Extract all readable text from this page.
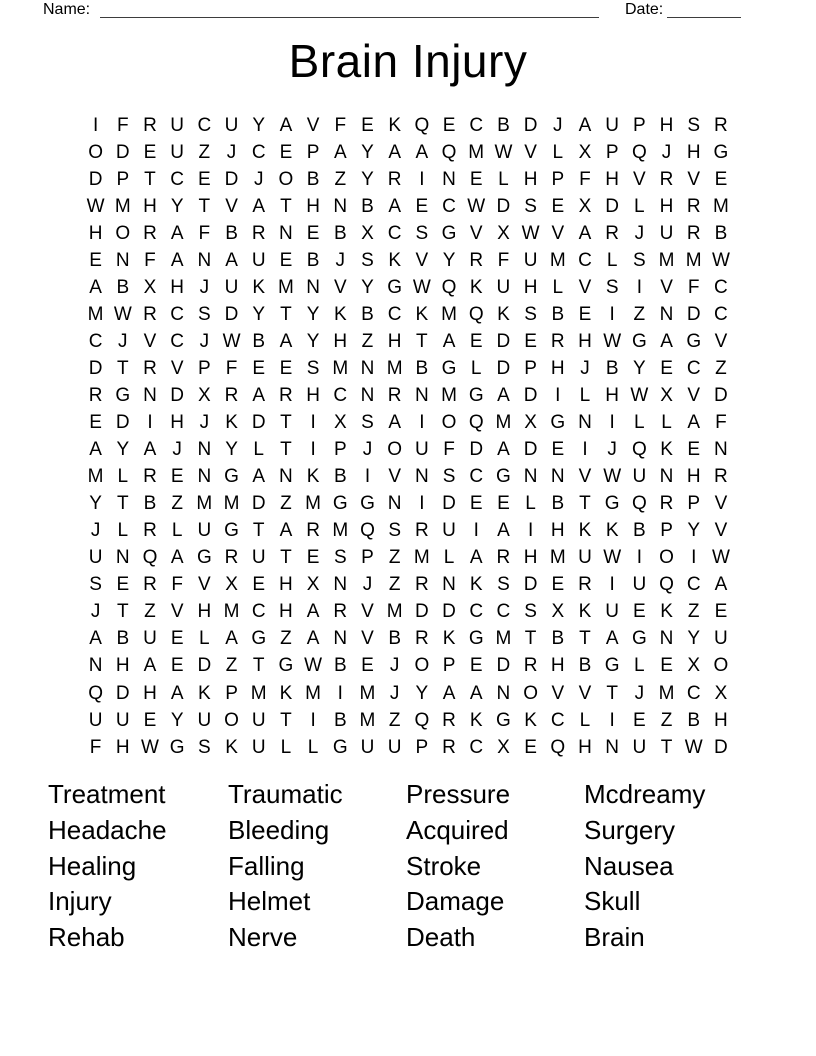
Name:	Date:
Brain Injury
I F R U C U Y A V F E K Q E C B D J A U P H S R
O D E U Z J C E P A Y A A Q M W V L X P Q J H G
D P T C E D J O B Z Y R I N E L H P F H V R V E
W M H Y T V A T H N B A E C W D S E X D L H R M
H O R A F B R N E B X C S G V X W V A R J U R B
E N F A N A U E B J S K V Y R F U M C L S M M W
A B X H J U K M N V Y G W Q K U H L V S I V F C
M W R C S D Y T Y K B C K M Q K S B E I Z N D C
C J V C J W B A Y H Z H T A E D E R H W G A G V
D T R V P F E E S M N M B G L D P H J B Y E C Z
R G N D X R A R H C N R N M G A D I	L H W X V D
E D I H J K D T I X S A I O Q M X G N I	L L A F
A Y A J N Y L T I P J O U F D A D E I	J Q K E N
M L R E N G A N K B I V N S C G N N V W U N H R
Y T B Z M M D Z M G G N I D E E L B T G Q R P V
J L R L U G T A R M Q S R U I A I H K K B P Y V
U N Q A G R U T E S P Z M L A R H M U W I O I W
S E R F V X E H X N J Z R N K S D E R I U Q C A
J T Z V H M C H A R V M D D C C S X K U E K Z E
A B U E L A G Z A N V B R K G M T B T A G N Y U
N H A E D Z T G W B E J O P E D R H B G L E X O
Q D H A K P M K M I M J Y A A N O V V T J M C X
U U E Y U O U T I B M Z Q R K G K C L	I E Z B H
F H W G S K U L L G U U P R C X E Q H N U T W D
Treatment
Headache
Healing
Injury
Rehab
Traumatic
Bleeding
Falling
Helmet
Nerve
Pressure
Acquired
Stroke
Damage
Death
Mcdreamy
Surgery
Nausea
Skull
Brain
